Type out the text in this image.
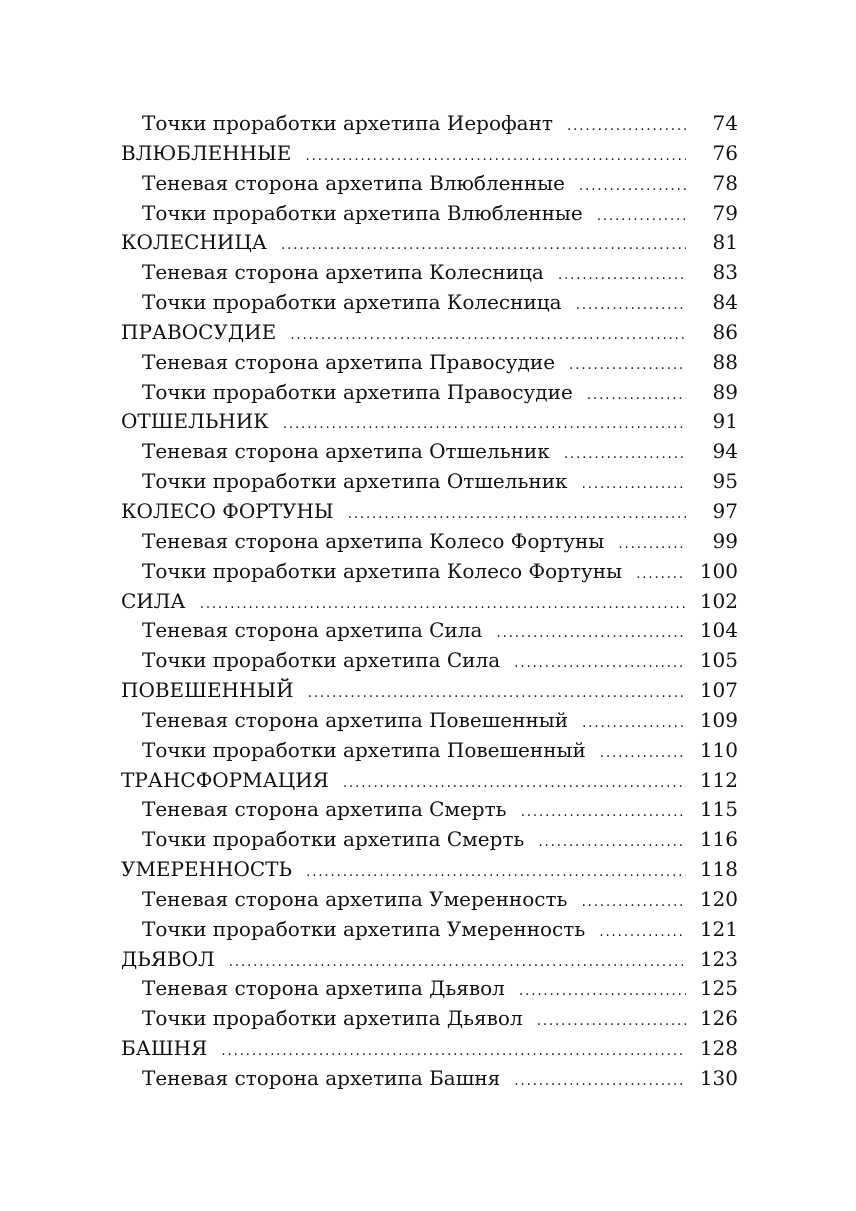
Точки проработки архетипа Иерофант . . .	74
ВЛЮБЛЕННЫЕ . . .	76
Теневая сторона архетипа Влюбленные . . .	78
Точки проработки архетипа Влюбленные . . .	79
КОЛЕСНИЦА . . .	81
Теневая сторона архетипа Колесница . . .	83
Точки проработки архетипа Колесница . . .	84
ПРАВОСУДИЕ . . .	86
Теневая сторона архетипа Правосудие . . .	88
Точки проработки архетипа Правосудие . . .	89
ОТШЕЛЬНИК . . .	91
Теневая сторона архетипа Отшельник . . .	94
Точки проработки архетипа Отшельник . . .	95
КОЛЕСО ФОРТУНЫ . . .	97
Теневая сторона архетипа Колесо Фортуны . . .	99
Точки проработки архетипа Колесо Фортуны . . .	100
СИЛА . . .	102
Теневая сторона архетипа Сила . . .	104
Точки проработки архетипа Сила . . .	105
ПОВЕШЕННЫЙ . . .	107
Теневая сторона архетипа Повешенный . . .	109
Точки проработки архетипа Повешенный . . .	110
ТРАНСФОРМАЦИЯ . . .	112
Теневая сторона архетипа Смерть . . .	115
Точки проработки архетипа Смерть . . .	116
УМЕРЕННОСТЬ . . .	118
Теневая сторона архетипа Умеренность . . .	120
Точки проработки архетипа Умеренность . . .	121
ДЬЯВОЛ . . .	123
Теневая сторона архетипа Дьявол . . .	125
Точки проработки архетипа Дьявол . . .	126
БАШНЯ . . .	128
Теневая сторона архетипа Башня . . .	130
